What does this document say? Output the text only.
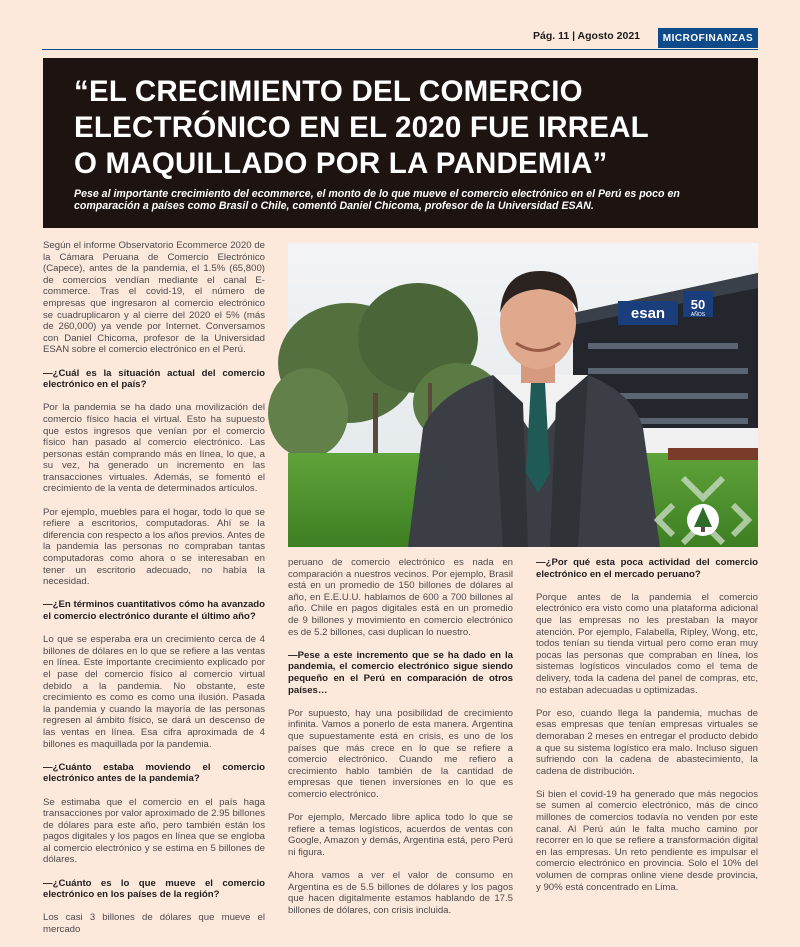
Pág. 11 | Agosto 2021	MICROFINANZAS
“EL CRECIMIENTO DEL COMERCIO
ELECTRÓNICO EN EL 2020 FUE IRREAL
O MAQUILLADO POR LA PANDEMIA”
Pese al importante crecimiento del ecommerce, el monto de lo que mueve el comercio electrónico en el Perú es poco en comparación a países como Brasil o Chile, comentó Daniel Chicoma, profesor de la Universidad ESAN.

Según el informe Observatorio Ecommerce 2020 de la Cámara Peruana de Comercio Electrónico (Capece), antes de la pandemia, el 1.5% (65,800) de comercios vendían mediante el canal E-commerce. Tras el covid-19, el número de empresas que ingresaron al comercio electrónico se cuadruplicaron y al cierre del 2020 el 5% (más de 260,000) ya vende por Internet. Conversamos con Daniel Chicoma, profesor de la Universidad ESAN sobre el comercio electrónico en el Perú.

—¿Cuál es la situación actual del comercio electrónico en el país?

Por la pandemia se ha dado una movilización del comercio físico hacia el virtual. Esto ha supuesto que estos ingresos que venían por el comercio físico han pasado al comercio electrónico. Las personas están comprando más en línea, lo que, a su vez, ha generado un incremento en las transacciones virtuales. Además, se fomentó el crecimiento de la venta de determinados artículos.

Por ejemplo, muebles para el hogar, todo lo que se refiere a escritorios, computadoras. Ahí se la diferencia con respecto a los años previos. Antes de la pandemia las personas no compraban tantas computadoras como ahora o se interesaban en tener un escritorio adecuado, no había la necesidad.

—¿En términos cuantitativos cómo ha avanzado el comercio electrónico durante el último año?

Lo que se esperaba era un crecimiento cerca de 4 billones de dólares en lo que se refiere a las ventas en línea. Este importante crecimiento explicado por el pase del comercio físico al comercio virtual debido a la pandemia. No obstante, este crecimiento es como es como una ilusión. Pasada la pandemia y cuando la mayoría de las personas regresen al ámbito físico, se dará un descenso de las ventas en línea. Esa cifra aproximada de 4 billones es maquillada por la pandemia.

—¿Cuánto estaba moviendo el comercio electrónico antes de la pandemia?

Se estimaba que el comercio en el país haga transacciones por valor aproximado de 2.95 billones de dólares para este año, pero también están los pagos digitales y los pagos en línea que se engloba al comercio electrónico y se estima en 5 billones de dólares.

—¿Cuánto es lo que mueve el comercio electrónico en los países de la región?

Los casi 3 billones de dólares que mueve el mercado

esan
50
AÑOS

peruano de comercio electrónico es nada en comparación a nuestros vecinos. Por ejemplo, Brasil está en un promedio de 150 billones de dólares al año, en E.E.U.U. hablamos de 600 a 700 billones al año. Chile en pagos digitales está en un promedio de 9 billones y movimiento en comercio electrónico es de 5.2 billones, casi duplican lo nuestro.

—Pese a este incremento que se ha dado en la pandemia, el comercio electrónico sigue siendo pequeño en el Perú en comparación de otros países…

Por supuesto, hay una posibilidad de crecimiento infinita. Vamos a ponerlo de esta manera. Argentina que supuestamente está en crisis, es uno de los países que más crece en lo que se refiere a comercio electrónico. Cuando me refiero a crecimiento hablo también de la cantidad de empresas que tienen inversiones en lo que es comercio electrónico.

Por ejemplo, Mercado libre aplica todo lo que se refiere a temas logísticos, acuerdos de ventas con Google, Amazon y demás, Argentina está, pero Perú ni figura.

Ahora vamos a ver el valor de consumo en Argentina es de 5.5 billones de dólares y los pagos que hacen digitalmente estamos hablando de 17.5 billones de dólares, con crisis incluida.

—¿Por qué esta poca actividad del comercio electrónico en el mercado peruano?

Porque antes de la pandemia el comercio electrónico era visto como una plataforma adicional que las empresas no les prestaban la mayor atención. Por ejemplo, Falabella, Ripley, Wong, etc, todos tenían su tienda virtual pero como eran muy pocas las personas que compraban en línea, los sistemas logísticos vinculados como el tema de delivery, toda la cadena del panel de compras, etc, no estaban adecuadas u optimizadas.

Por eso, cuando llega la pandemia, muchas de esas empresas que tenían empresas virtuales se demoraban 2 meses en entregar el producto debido a que su sistema logístico era malo. Incluso siguen sufriendo con la cadena de abastecimiento, la cadena de distribución.

Si bien el covid-19 ha generado que más negocios se sumen al comercio electrónico, más de cinco millones de comercios todavía no venden por este canal. Al Perú aún le falta mucho camino por recorrer en lo que se refiere a transformación digital en las empresas. Un reto pendiente es impulsar el comercio electrónico en provincia. Solo el 10% del volumen de compras online viene desde provincia, y 90% está concentrado en Lima.
